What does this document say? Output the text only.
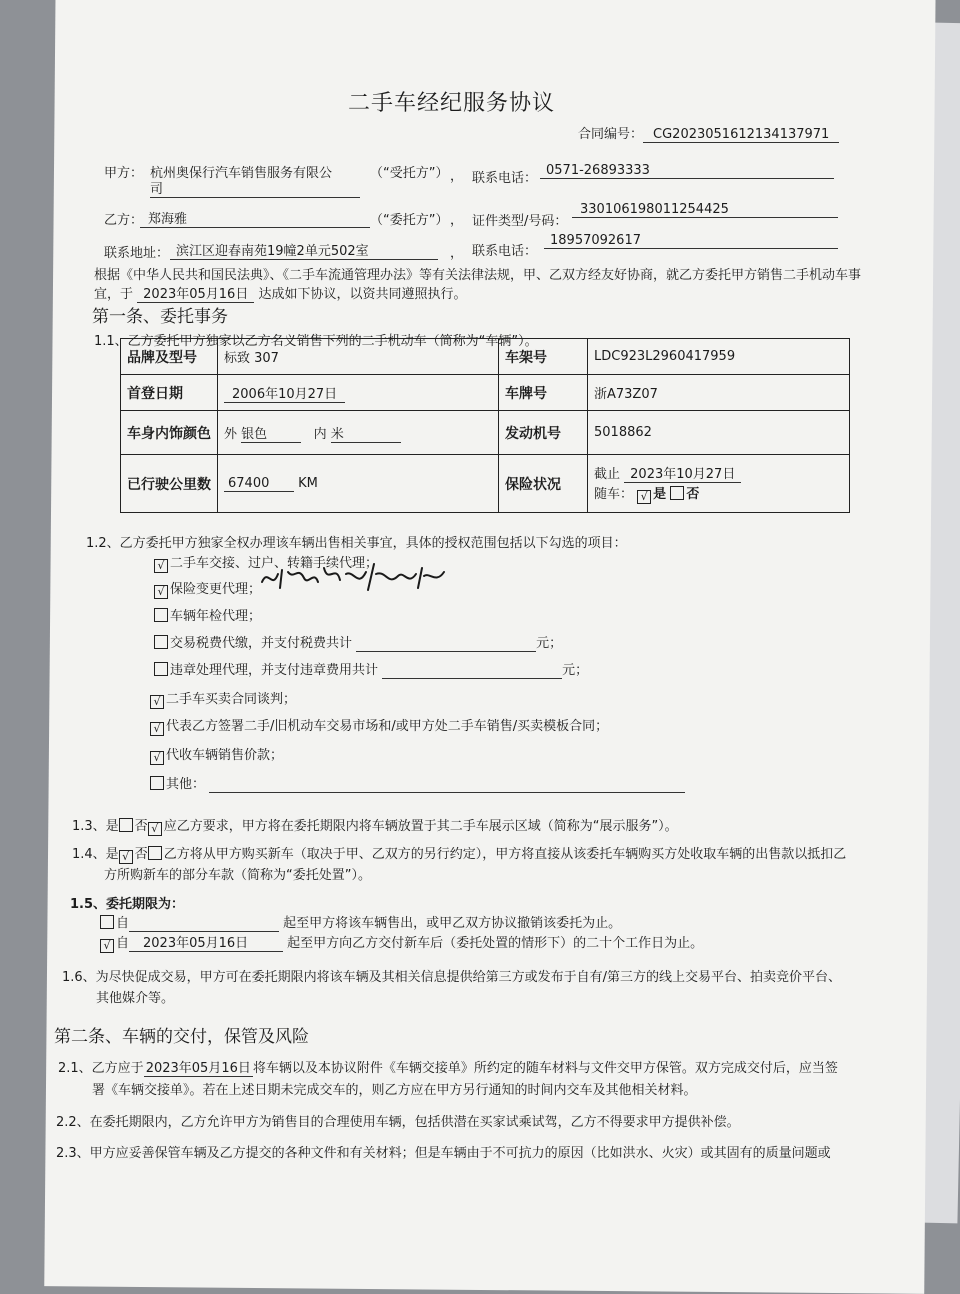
二手车经纪服务协议
合同编号： CG2023051612134137971
甲方： 杭州奥保行汽车销售服务有限公
司
（“受托方”） ， 联系电话：
0571-26893333
乙方： 郑海雅	（“委托方”） ， 证件类型/号码：
330106198011254425
联系地址： 滨江区迎春南苑19幢2单元502室	， 联系电话：
18957092617
根据《中华人民共和国民法典》、《二手车流通管理办法》等有关法律法规，甲、乙双方经友好协商，就乙方委托甲方销售二手机动车事
宜，于 2023年05月16日 达成如下协议，以资共同遵照执行。
第一条、委托事务
1.1、乙方委托甲方独家以乙方名义销售下列的二手机动车（简称为“车辆”）。
品牌及型号	标致 307	车架号	LDC923L2960417959
首登日期	2006年10月27日	车牌号	浙A73Z07
车身内饰颜色	外 银色 内 米	发动机号	5018862
已行驶公里数	67400 KM	保险状况	截止 2023年10月27日
随车： √ 是 否
1.2、乙方委托甲方独家全权办理该车辆出售相关事宜，具体的授权范围包括以下勾选的项目：
√ 二手车交接、过户、转籍手续代理；
√ 保险变更代理；
车辆年检代理；
交易税费代缴，并支付税费共计	元；
违章处理代理，并支付违章费用共计	元；
√ 二手车买卖合同谈判；
√ 代表乙方签署二手/旧机动车交易市场和/或甲方处二手车销售/买卖模板合同；
√ 代收车辆销售价款；
其他：
1.3、是 否 √ 应乙方要求，甲方将在委托期限内将车辆放置于其二手车展示区域（简称为“展示服务”）。
1.4、是 √ 否 乙方将从甲方购买新车（取决于甲、乙双方的另行约定），甲方将直接从该委托车辆购买方处收取车辆的出售款以抵扣乙
方所购新车的部分车款（简称为“委托处置”）。
1.5、委托期限为：
自	起至甲方将该车辆售出，或甲乙双方协议撤销该委托为止。
√ 自 2023年05月16日	起至甲方向乙方交付新车后（委托处置的情形下）的二十个工作日为止。
1.6、为尽快促成交易，甲方可在委托期限内将该车辆及其相关信息提供给第三方或发布于自有/第三方的线上交易平台、拍卖竞价平台、
其他媒介等。
第二条、车辆的交付，保管及风险
2.1、乙方应于 2023年05月16日 将车辆以及本协议附件《车辆交接单》所约定的随车材料与文件交甲方保管。双方完成交付后，应当签
署《车辆交接单》。若在上述日期未完成交车的，则乙方应在甲方另行通知的时间内交车及其他相关材料。
2.2、在委托期限内，乙方允许甲方为销售目的合理使用车辆，包括供潜在买家试乘试驾，乙方不得要求甲方提供补偿。
2.3、甲方应妥善保管车辆及乙方提交的各种文件和有关材料；但是车辆由于不可抗力的原因（比如洪水、火灾）或其固有的质量问题或
